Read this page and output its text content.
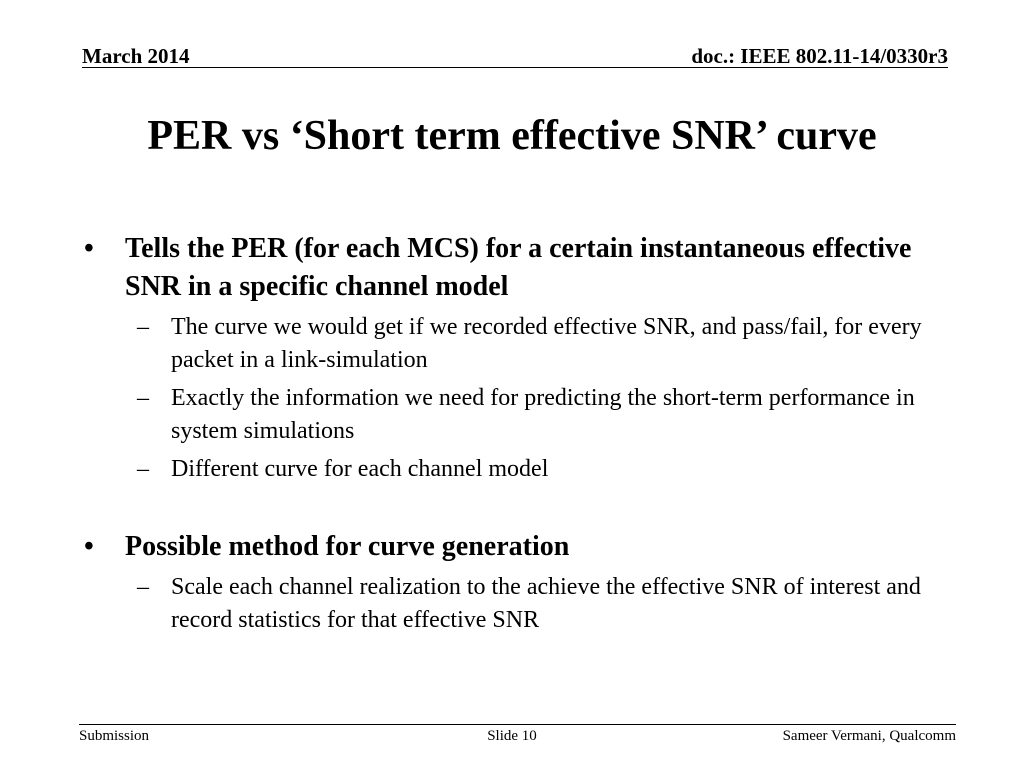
March 2014	doc.: IEEE 802.11-14/0330r3
PER vs ‘Short term effective SNR’ curve
• Tells the PER (for each MCS) for a certain instantaneous effective SNR in a specific channel model
– The curve we would get if we recorded effective SNR, and pass/fail, for every packet in a link-simulation
– Exactly the information we need for predicting the short-term performance in system simulations
– Different curve for each channel model
• Possible method for curve generation
– Scale each channel realization to the achieve the effective SNR of interest and record statistics for that effective SNR
Submission	Slide 10	Sameer Vermani, Qualcomm
